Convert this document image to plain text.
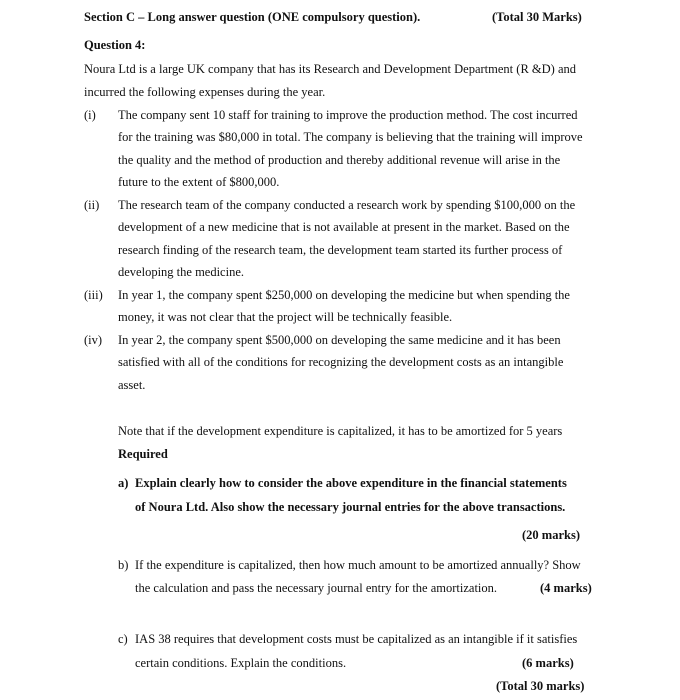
Section C – Long answer question (ONE compulsory question).	(Total 30 Marks)
Question 4:
Noura Ltd is a large UK company that has its Research and Development Department (R &D) and
incurred the following expenses during the year.
(i) The company sent 10 staff for training to improve the production method. The cost incurred
for the training was $80,000 in total. The company is believing that the training will improve
the quality and the method of production and thereby additional revenue will arise in the
future to the extent of $800,000.
(ii) The research team of the company conducted a research work by spending $100,000 on the
development of a new medicine that is not available at present in the market. Based on the
research finding of the research team, the development team started its further process of
developing the medicine.
(iii) In year 1, the company spent $250,000 on developing the medicine but when spending the
money, it was not clear that the project will be technically feasible.
(iv) In year 2, the company spent $500,000 on developing the same medicine and it has been
satisfied with all of the conditions for recognizing the development costs as an intangible
asset.
Note that if the development expenditure is capitalized, it has to be amortized for 5 years
Required
a) Explain clearly how to consider the above expenditure in the financial statements
of Noura Ltd. Also show the necessary journal entries for the above transactions.
(20 marks)
b) If the expenditure is capitalized, then how much amount to be amortized annually? Show
the calculation and pass the necessary journal entry for the amortization.	(4 marks)
c) IAS 38 requires that development costs must be capitalized as an intangible if it satisfies
certain conditions. Explain the conditions.	(6 marks)
(Total 30 marks)
